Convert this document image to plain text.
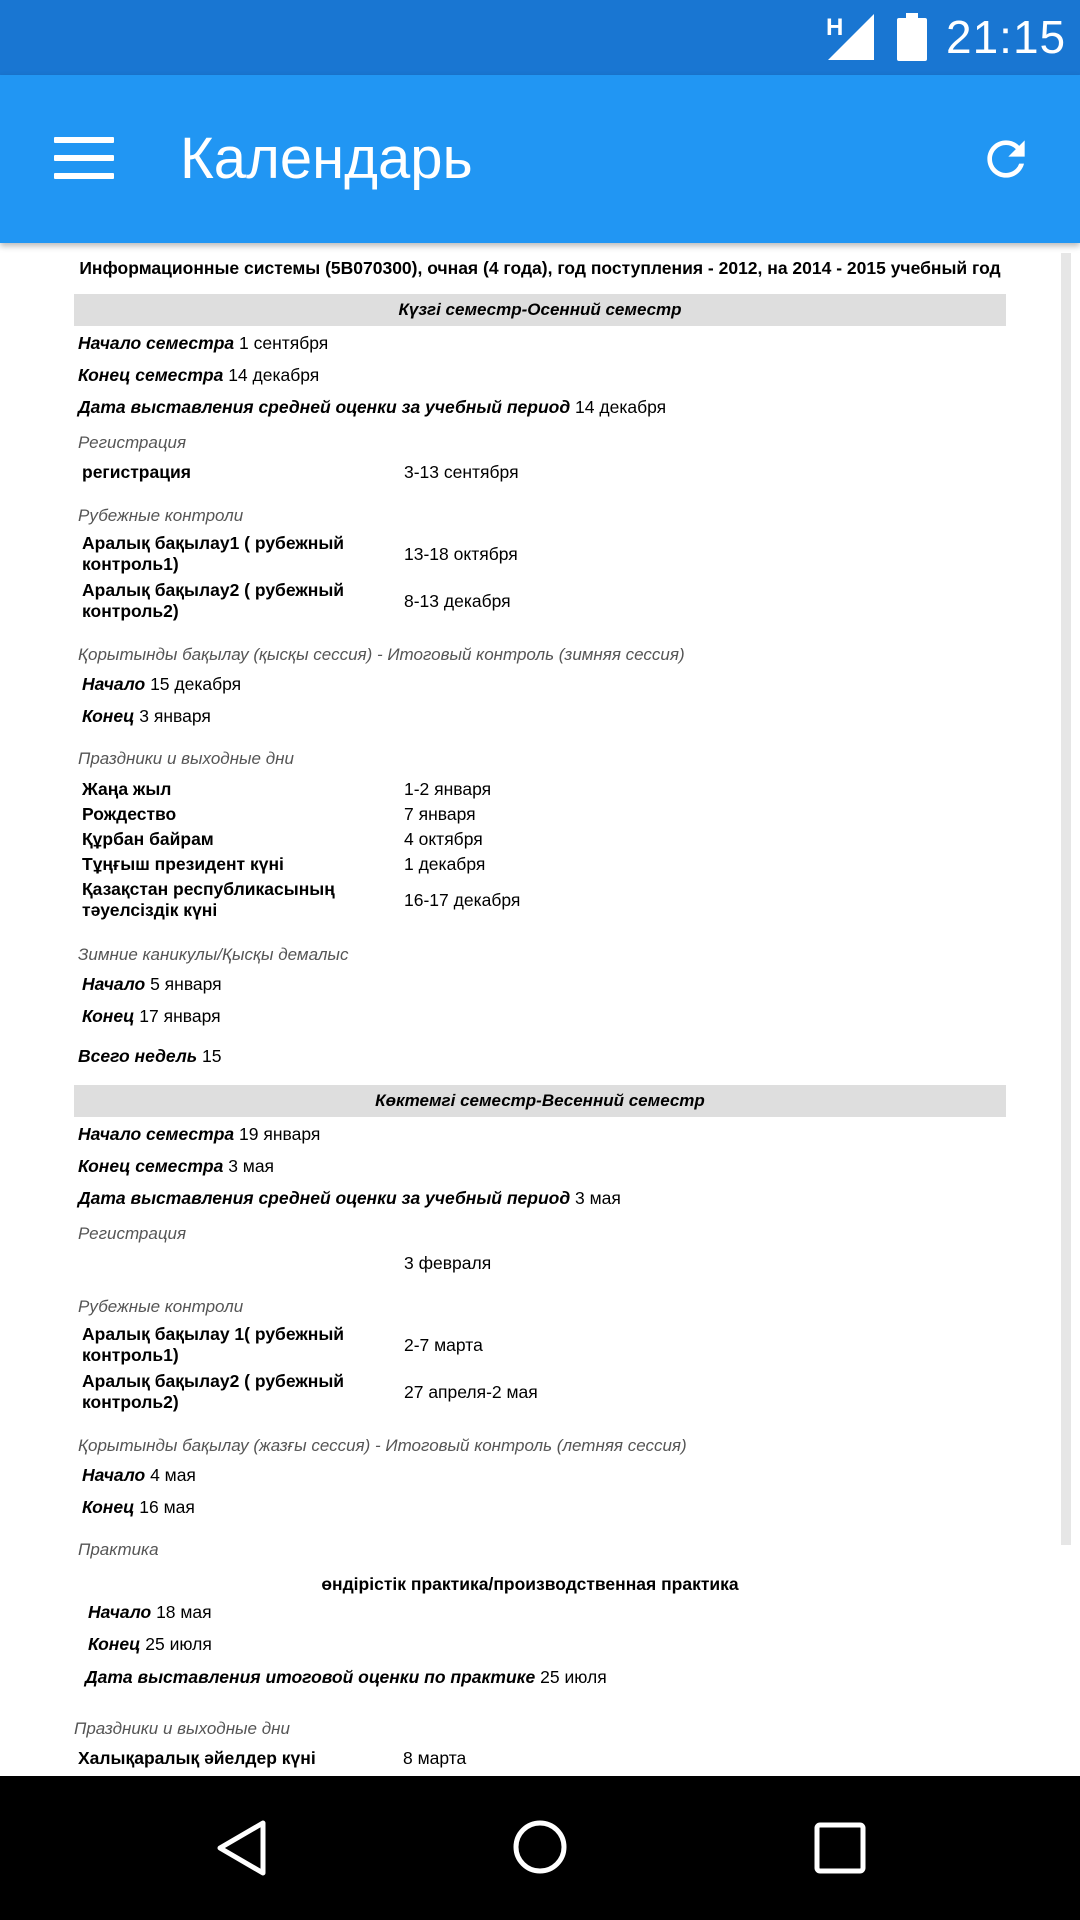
H 21:15
Календарь
Информационные системы (5В070300), очная (4 года), год поступления - 2012, на 2014 - 2015 учебный год
Күзгі семестр-Осенний семестр
Начало семестра 1 сентября
Конец семестра 14 декабря
Дата выставления средней оценки за учебный период 14 декабря
Регистрация
регистрация	3-13 сентября
Рубежные контроли
Аралық бақылау1 ( рубежный контроль1)	13-18 октября
Аралық бақылау2 ( рубежный контроль2)	8-13 декабря
Қорытынды бақылау (қысқы сессия) - Итоговый контроль (зимняя сессия)
Начало 15 декабря
Конец 3 января
Праздники и выходные дни
Жаңа жыл	1-2 января
Рождество	7 января
Құрбан байрам	4 октября
Тұңғыш президент күні	1 декабря
Қазақстан республикасының тәуелсіздік күні	16-17 декабря
Зимние каникулы/Қысқы демалыс
Начало 5 января
Конец 17 января
Всего недель 15
Көктемгі семестр-Весенний семестр
Начало семестра 19 января
Конец семестра 3 мая
Дата выставления средней оценки за учебный период 3 мая
Регистрация
3 февраля
Рубежные контроли
Аралық бақылау 1( рубежный контроль1)	2-7 марта
Аралық бақылау2 ( рубежный контроль2)	27 апреля-2 мая
Қорытынды бақылау (жазғы сессия) - Итоговый контроль (летняя сессия)
Начало 4 мая
Конец 16 мая
Практика
өндірістік практика/производственная практика
Начало 18 мая
Конец 25 июля
Дата выставления итоговой оценки по практике 25 июля
Праздники и выходные дни
Халықаралық әйелдер күні	8 марта
